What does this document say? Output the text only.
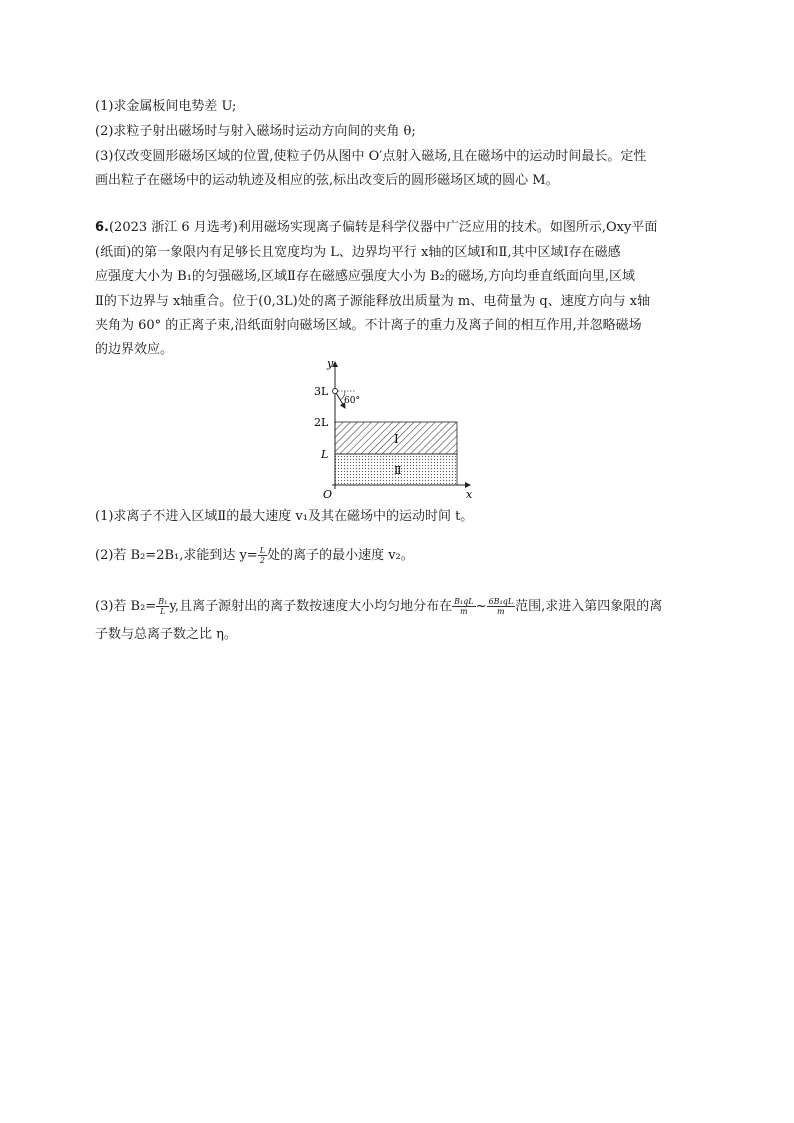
(1)求金属板间电势差 U;
(2)求粒子射出磁场时与射入磁场时运动方向间的夹角 θ;
(3)仅改变圆形磁场区域的位置,使粒子仍从图中 O′点射入磁场,且在磁场中的运动时间最长。定性
画出粒子在磁场中的运动轨迹及相应的弦,标出改变后的圆形磁场区域的圆心 M。
6.(2023 浙江 6 月选考)利用磁场实现离子偏转是科学仪器中广泛应用的技术。如图所示,Oxy平面
(纸面)的第一象限内有足够长且宽度均为 L、边界均平行 x轴的区域Ⅰ和Ⅱ,其中区域Ⅰ存在磁感
应强度大小为 B₁的匀强磁场,区域Ⅱ存在磁感应强度大小为 B₂的磁场,方向均垂直纸面向里,区域
Ⅱ的下边界与 x轴重合。位于(0,3L)处的离子源能释放出质量为 m、电荷量为 q、速度方向与 x轴
夹角为 60° 的正离子束,沿纸面射向磁场区域。不计离子的重力及离子间的相互作用,并忽略磁场
的边界效应。
y
x
O
3L
2L
L
60°
Ⅰ
Ⅱ
(1)求离子不进入区域Ⅱ的最大速度 v₁及其在磁场中的运动时间 t。
(2)若 B₂=2B₁,求能到达 $y= \frac{L}{2}$ 处的离子的最小速度 v₂。
(3)若 $B_2= \frac{\text{B₁}}{L} y$,且离子源射出的离子数按速度大小均匀地分布在 $\frac{\text{B₁qL}}{m}$ ~ $\frac{\text{6B₁qL}}{m}$ 范围,求进入第四象限的离
子数与总离子数之比 η。
